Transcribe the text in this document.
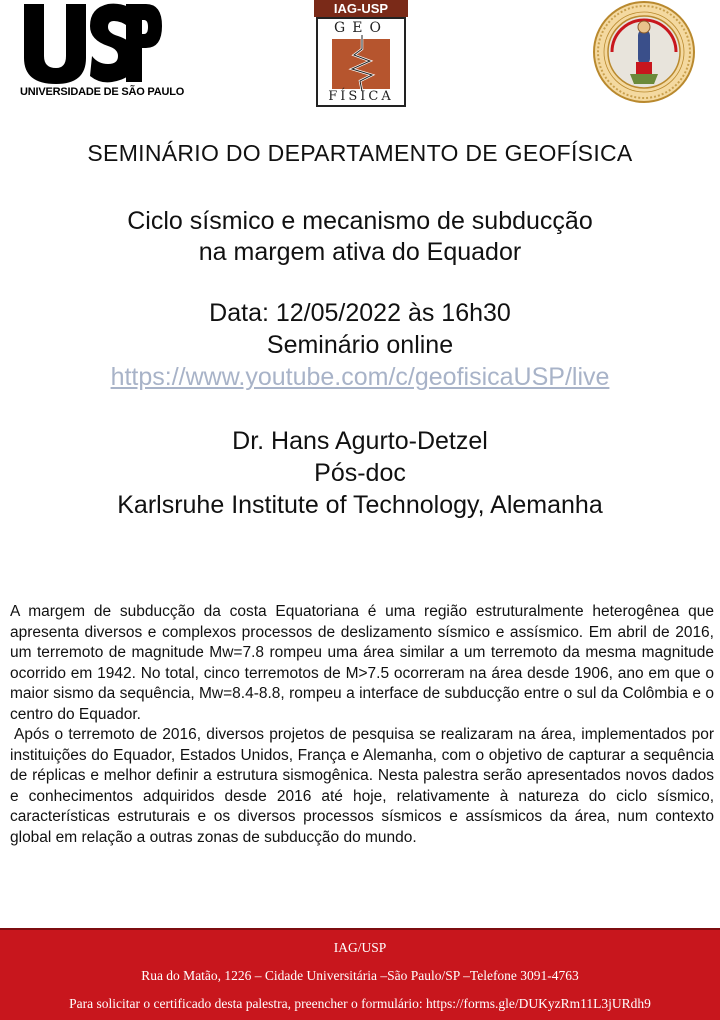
UNIVERSIDADE DE SÃO PAULO
IAG-USP
GEO
FÍSICA
SEMINÁRIO DO DEPARTAMENTO DE GEOFÍSICA
Ciclo sísmico e mecanismo de subducção
na margem ativa do Equador
Data: 12/05/2022 às 16h30
Seminário online
https://www.youtube.com/c/geofisicaUSP/live
Dr. Hans Agurto-Detzel
Pós-doc
Karlsruhe Institute of Technology, Alemanha

A margem de subducção da costa Equatoriana é uma região estruturalmente heterogênea que apresenta diversos e complexos processos de deslizamento sísmico e assísmico. Em abril de 2016, um terremoto de magnitude Mw=7.8 rompeu uma área similar a um terremoto da mesma magnitude ocorrido em 1942. No total, cinco terremotos de M>7.5 ocorreram na área desde 1906, ano em que o maior sismo da sequência, Mw=8.4-8.8, rompeu a interface de subducção entre o sul da Colômbia e o centro do Equador.

Após o terremoto de 2016, diversos projetos de pesquisa se realizaram na área, implementados por instituições do Equador, Estados Unidos, França e Alemanha, com o objetivo de capturar a sequência de réplicas e melhor definir a estrutura sismogênica. Nesta palestra serão apresentados novos dados e conhecimentos adquiridos desde 2016 até hoje, relativamente à natureza do ciclo sísmico, características estruturais e os diversos processos sísmicos e assísmicos da área, num contexto global em relação a outras zonas de subducção do mundo.

IAG/USP
Rua do Matão, 1226 – Cidade Universitária –São Paulo/SP –Telefone 3091-4763
Para solicitar o certificado desta palestra, preencher o formulário: https://forms.gle/DUKyzRm11L3jURdh9
